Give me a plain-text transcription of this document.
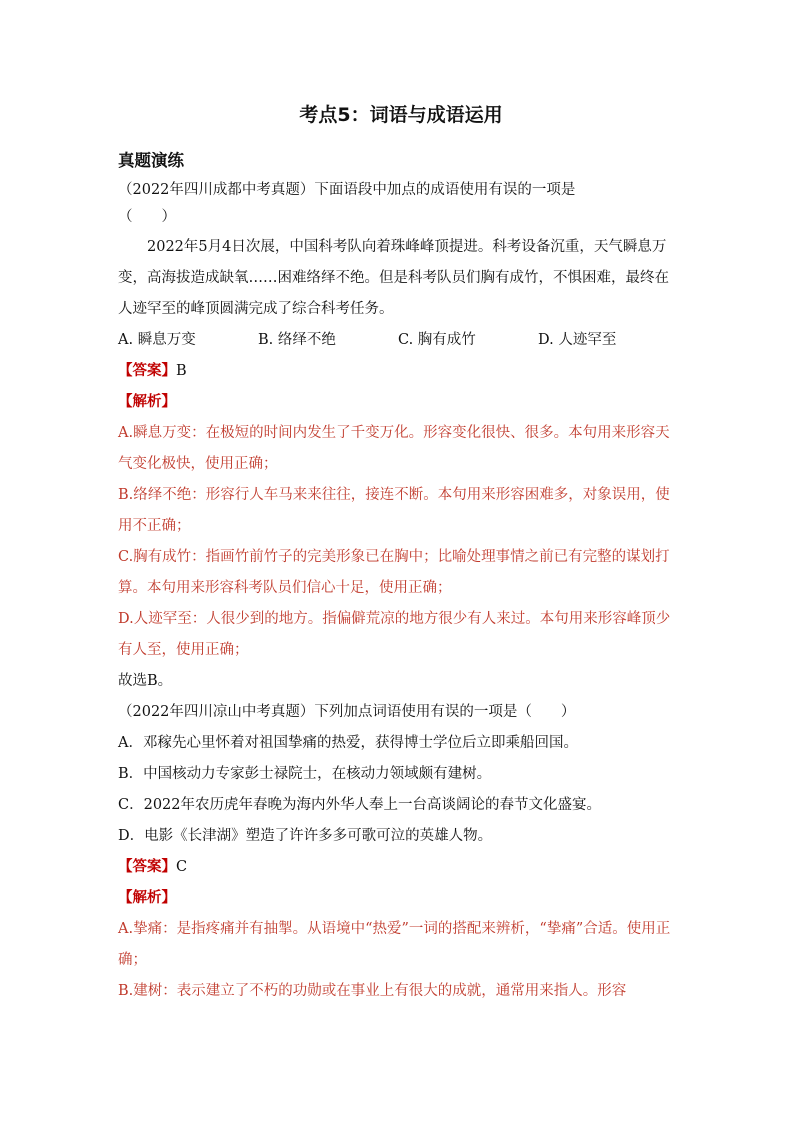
考点5：词语与成语运用
真题演练

（2022年四川成都中考真题）下面语段中加点的成语使用有误的一项是

（　　）

2022年5月4日次展，中国科考队向着珠峰峰顶提进。科考设备沉重，天气瞬息万变，高海拔造成缺氧……困难络绎不绝。但是科考队员们胸有成竹，不惧困难，最终在人迹罕至的峰顶圆满完成了综合科考任务。

A. 瞬息万变	B. 络绎不绝	C. 胸有成竹	D. 人迹罕至

【答案】B

【解析】

A.瞬息万变：在极短的时间内发生了千变万化。形容变化很快、很多。本句用来形容天气变化极快，使用正确；

B.络绎不绝：形容行人车马来来往往，接连不断。本句用来形容困难多，对象误用，使用不正确；

C.胸有成竹：指画竹前竹子的完美形象已在胸中；比喻处理事情之前已有完整的谋划打算。本句用来形容科考队员们信心十足，使用正确；

D.人迹罕至：人很少到的地方。指偏僻荒凉的地方很少有人来过。本句用来形容峰顶少有人至，使用正确；

故选B。

（2022年四川凉山中考真题）下列加点词语使用有误的一项是（　　）

A．邓稼先心里怀着对祖国挚痛的热爱，获得博士学位后立即乘船回国。

B．中国核动力专家彭士禄院士，在核动力领域颇有建树。

C．2022年农历虎年春晚为海内外华人奉上一台高谈阔论的春节文化盛宴。

D．电影《长津湖》塑造了许许多多可歌可泣的英雄人物。

【答案】C

【解析】

A.挚痛：是指疼痛并有抽掣。从语境中“热爱”一词的搭配来辨析，“挚痛”合适。使用正确；

B.建树：表示建立了不朽的功勋或在事业上有很大的成就，通常用来指人。形容
